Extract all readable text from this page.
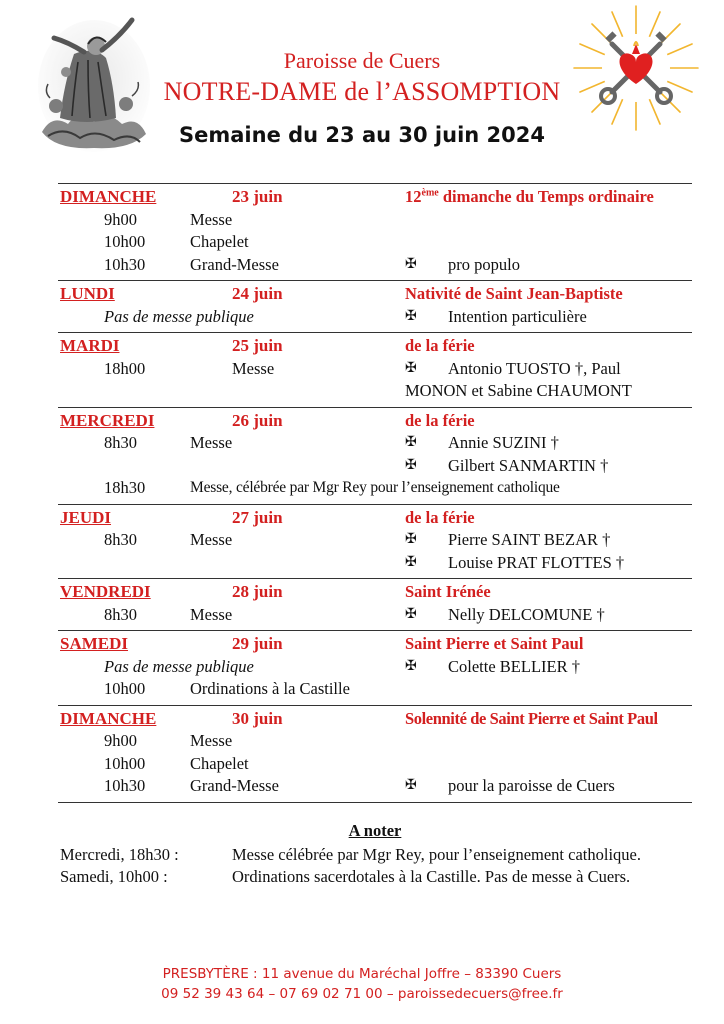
Paroisse de Cuers
NOTRE-DAME de l’ASSOMPTION
Semaine du 23 au 30 juin 2024
DIMANCHE	23 juin	12ème dimanche du Temps ordinaire
9h00	Messe
10h00	Chapelet
10h30	Grand-Messe	✠ pro populo
LUNDI	24 juin	Nativité de Saint Jean-Baptiste
Pas de messe publique	✠ Intention particulière
MARDI	25 juin	de la férie
18h00	Messe	✠ Antonio TUOSTO †, Paul
MONON et Sabine CHAUMONT
MERCREDI	26 juin	de la férie
8h30	Messe	✠ Annie SUZINI †
✠ Gilbert SANMARTIN †
18h30	Messe, célébrée par Mgr Rey pour l’enseignement catholique
JEUDI	27 juin	de la férie
8h30	Messe	✠ Pierre SAINT BEZAR †
✠ Louise PRAT FLOTTES †
VENDREDI	28 juin	Saint Irénée
8h30	Messe	✠ Nelly DELCOMUNE †
SAMEDI	29 juin	Saint Pierre et Saint Paul
Pas de messe publique	✠ Colette BELLIER †
10h00	Ordinations à la Castille
DIMANCHE	30 juin	Solennité de Saint Pierre et Saint Paul
9h00	Messe
10h00	Chapelet
10h30	Grand-Messe	✠ pour la paroisse de Cuers
A noter
Mercredi, 18h30 :	Messe célébrée par Mgr Rey, pour l’enseignement catholique.
Samedi, 10h00 :	Ordinations sacerdotales à la Castille. Pas de messe à Cuers.
PRESBYTÈRE : 11 avenue du Maréchal Joffre – 83390 Cuers
09 52 39 43 64 – 07 69 02 71 00 – paroissedecuers@free.fr
